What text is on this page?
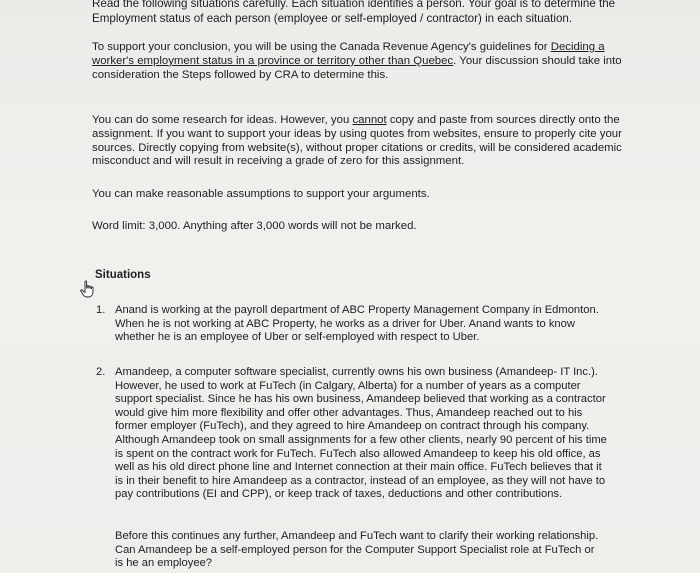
Read the following situations carefully. Each situation identifies a person. Your goal is to determine the
Employment status of each person (employee or self-employed / contractor) in each situation.

To support your conclusion, you will be using the Canada Revenue Agency's guidelines for Deciding a worker's employment status in a province or territory other than Quebec. Your discussion should take into consideration the Steps followed by CRA to determine this.

You can do some research for ideas. However, you cannot copy and paste from sources directly onto the assignment. If you want to support your ideas by using quotes from websites, ensure to properly cite your sources. Directly copying from website(s), without proper citations or credits, will be considered academic misconduct and will result in receiving a grade of zero for this assignment.

You can make reasonable assumptions to support your arguments.

Word limit: 3,000. Anything after 3,000 words will not be marked.

Situations

1. Anand is working at the payroll department of ABC Property Management Company in Edmonton. When he is not working at ABC Property, he works as a driver for Uber. Anand wants to know whether he is an employee of Uber or self-employed with respect to Uber.

2. Amandeep, a computer software specialist, currently owns his own business (Amandeep- IT Inc.). However, he used to work at FuTech (in Calgary, Alberta) for a number of years as a computer support specialist. Since he has his own business, Amandeep believed that working as a contractor would give him more flexibility and offer other advantages. Thus, Amandeep reached out to his former employer (FuTech), and they agreed to hire Amandeep on contract through his company. Although Amandeep took on small assignments for a few other clients, nearly 90 percent of his time is spent on the contract work for FuTech. FuTech also allowed Amandeep to keep his old office, as well as his old direct phone line and Internet connection at their main office. FuTech believes that it is in their benefit to hire Amandeep as a contractor, instead of an employee, as they will not have to pay contributions (EI and CPP), or keep track of taxes, deductions and other contributions.

Before this continues any further, Amandeep and FuTech want to clarify their working relationship. Can Amandeep be a self-employed person for the Computer Support Specialist role at FuTech or is he an employee?
